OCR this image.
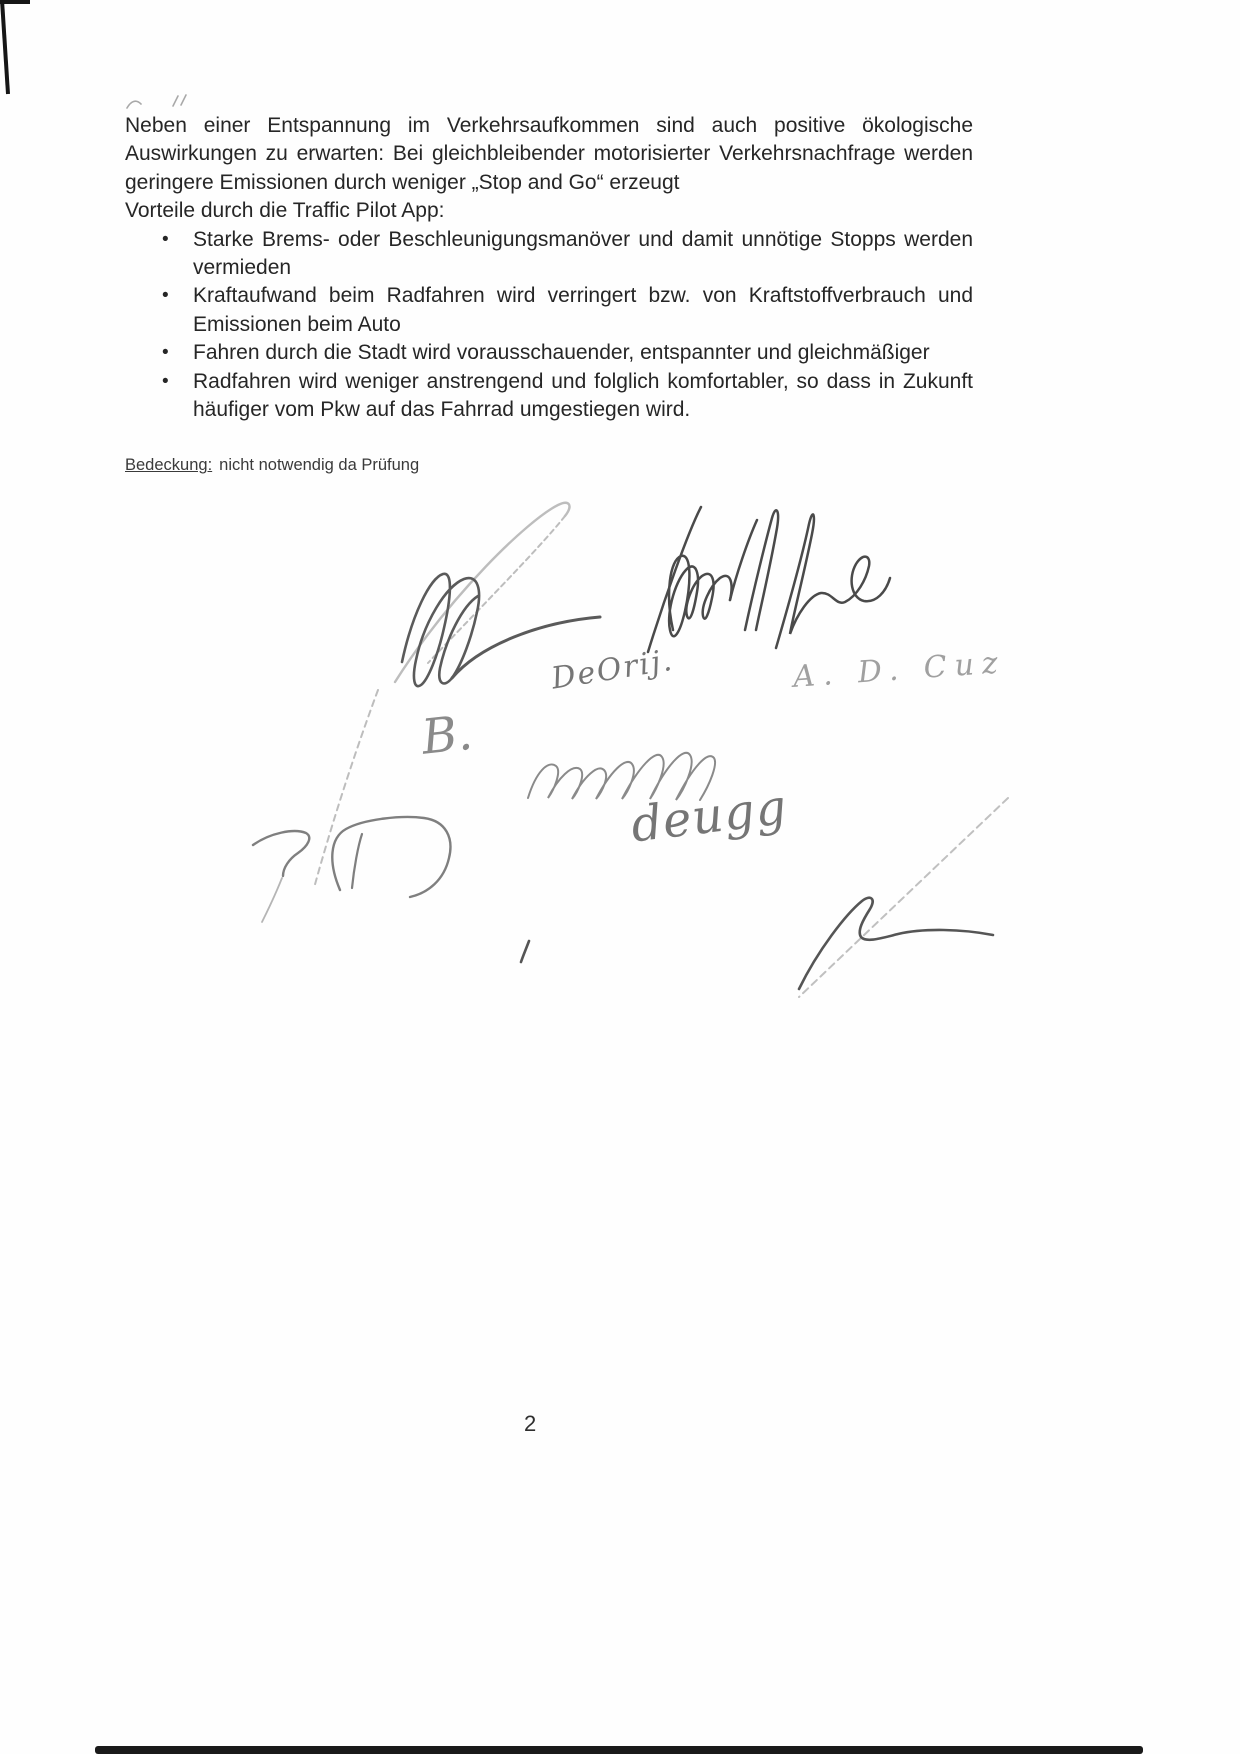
Neben einer Entspannung im Verkehrsaufkommen sind auch positive ökologische Auswirkungen zu erwarten: Bei gleichbleibender motorisierter Verkehrsnachfrage werden geringere Emissionen durch weniger „Stop and Go“ erzeugt

Vorteile durch die Traffic Pilot App:

•	Starke Brems- oder Beschleunigungsmanöver und damit unnötige Stopps werden vermieden
•	Kraftaufwand beim Radfahren wird verringert bzw. von Kraftstoffverbrauch und Emissionen beim Auto
•	Fahren durch die Stadt wird vorausschauender, entspannter und gleichmäßiger
•	Radfahren wird weniger anstrengend und folglich komfortabler, so dass in Zukunft häufiger vom Pkw auf das Fahrrad umgestiegen wird.

Bedeckung: nicht notwendig da Prüfung

DeOrij.
B.
A. D. Cuz
deugg
2
